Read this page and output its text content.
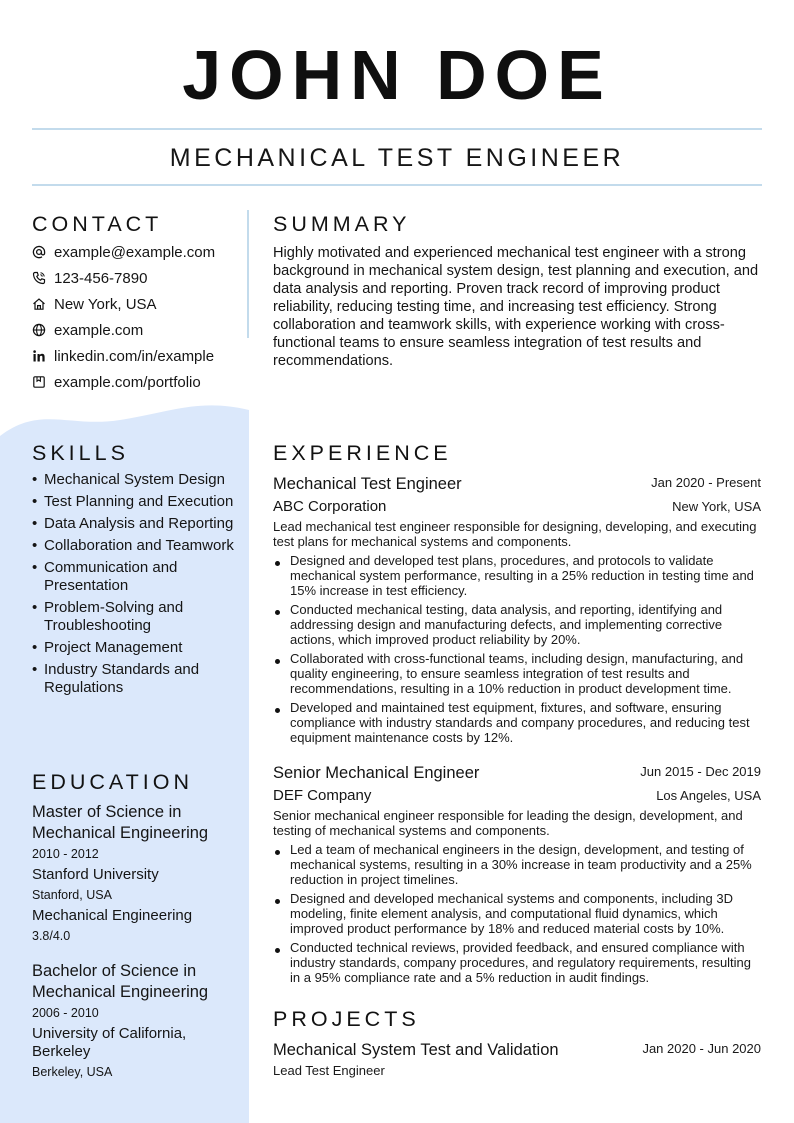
JOHN DOE
MECHANICAL TEST ENGINEER
CONTACT
example@example.com
123-456-7890
New York, USA
example.com
linkedin.com/in/example
example.com/portfolio
SKILLS
• Mechanical System Design
• Test Planning and Execution
• Data Analysis and Reporting
• Collaboration and Teamwork
• Communication and Presentation
• Problem-Solving and Troubleshooting
• Project Management
• Industry Standards and Regulations
EDUCATION
Master of Science in Mechanical Engineering
2010 - 2012
Stanford University
Stanford, USA
Mechanical Engineering
3.8/4.0
Bachelor of Science in Mechanical Engineering
2006 - 2010
University of California, Berkeley
Berkeley, USA
SUMMARY
Highly motivated and experienced mechanical test engineer with a strong background in mechanical system design, test planning and execution, and data analysis and reporting. Proven track record of improving product reliability, reducing testing time, and increasing test efficiency. Strong collaboration and teamwork skills, with experience working with cross-functional teams to ensure seamless integration of test results and recommendations.
EXPERIENCE
Mechanical Test Engineer	Jan 2020 - Present
ABC Corporation	New York, USA
Lead mechanical test engineer responsible for designing, developing, and executing test plans for mechanical systems and components.
Designed and developed test plans, procedures, and protocols to validate mechanical system performance, resulting in a 25% reduction in testing time and 15% increase in test efficiency.
Conducted mechanical testing, data analysis, and reporting, identifying and addressing design and manufacturing defects, and implementing corrective actions, which improved product reliability by 20%.
Collaborated with cross-functional teams, including design, manufacturing, and quality engineering, to ensure seamless integration of test results and recommendations, resulting in a 10% reduction in product development time.
Developed and maintained test equipment, fixtures, and software, ensuring compliance with industry standards and company procedures, and reducing test equipment maintenance costs by 12%.
Senior Mechanical Engineer	Jun 2015 - Dec 2019
DEF Company	Los Angeles, USA
Senior mechanical engineer responsible for leading the design, development, and testing of mechanical systems and components.
Led a team of mechanical engineers in the design, development, and testing of mechanical systems, resulting in a 30% increase in team productivity and a 25% reduction in project timelines.
Designed and developed mechanical systems and components, including 3D modeling, finite element analysis, and computational fluid dynamics, which improved product performance by 18% and reduced material costs by 10%.
Conducted technical reviews, provided feedback, and ensured compliance with industry standards, company procedures, and regulatory requirements, resulting in a 95% compliance rate and a 5% reduction in audit findings.
PROJECTS
Mechanical System Test and Validation	Jan 2020 - Jun 2020
Lead Test Engineer
